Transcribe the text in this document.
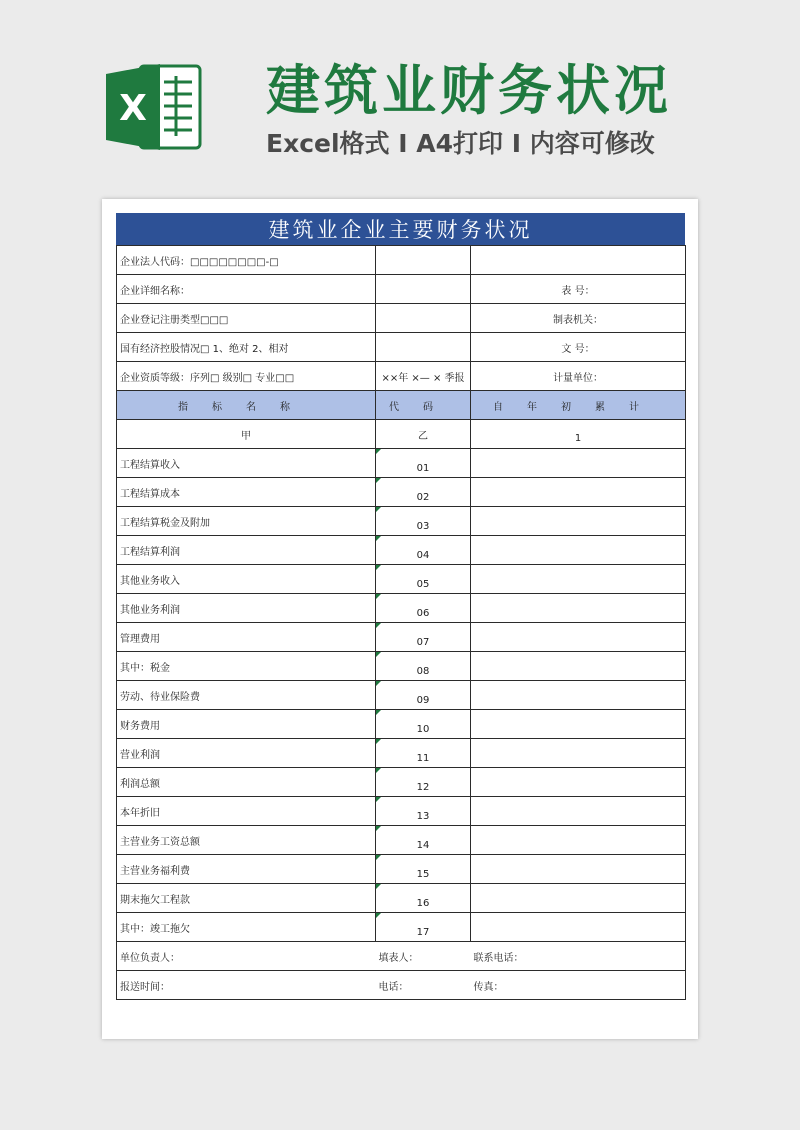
X 建筑业财务状况
Excel格式 I A4打印 I 内容可修改
建筑业企业主要财务状况
企业法人代码：□□□□□□□□-□		
企业详细名称：		表 号：
企业登记注册类型□□□		制表机关：
国有经济控股情况□ 1、绝对 2、相对		文 号：
企业资质等级：序列□ 级别□ 专业□□	××年 ×— × 季报	计量单位：
指标名称	代码	自年初累计
甲	乙	1
工程结算收入	01	
工程结算成本	02	
工程结算税金及附加	03	
工程结算利润	04	
其他业务收入	05	
其他业务利润	06	
管理费用	07	
其中：税金	08	
劳动、待业保险费	09	
财务费用	10	
营业利润	11	
利润总额	12	
本年折旧	13	
主营业务工资总额	14	
主营业务福利费	15	
期末拖欠工程款	16	
其中：竣工拖欠	17	
单位负责人：	填表人：	联系电话：
报送时间：	电话：	传真：
